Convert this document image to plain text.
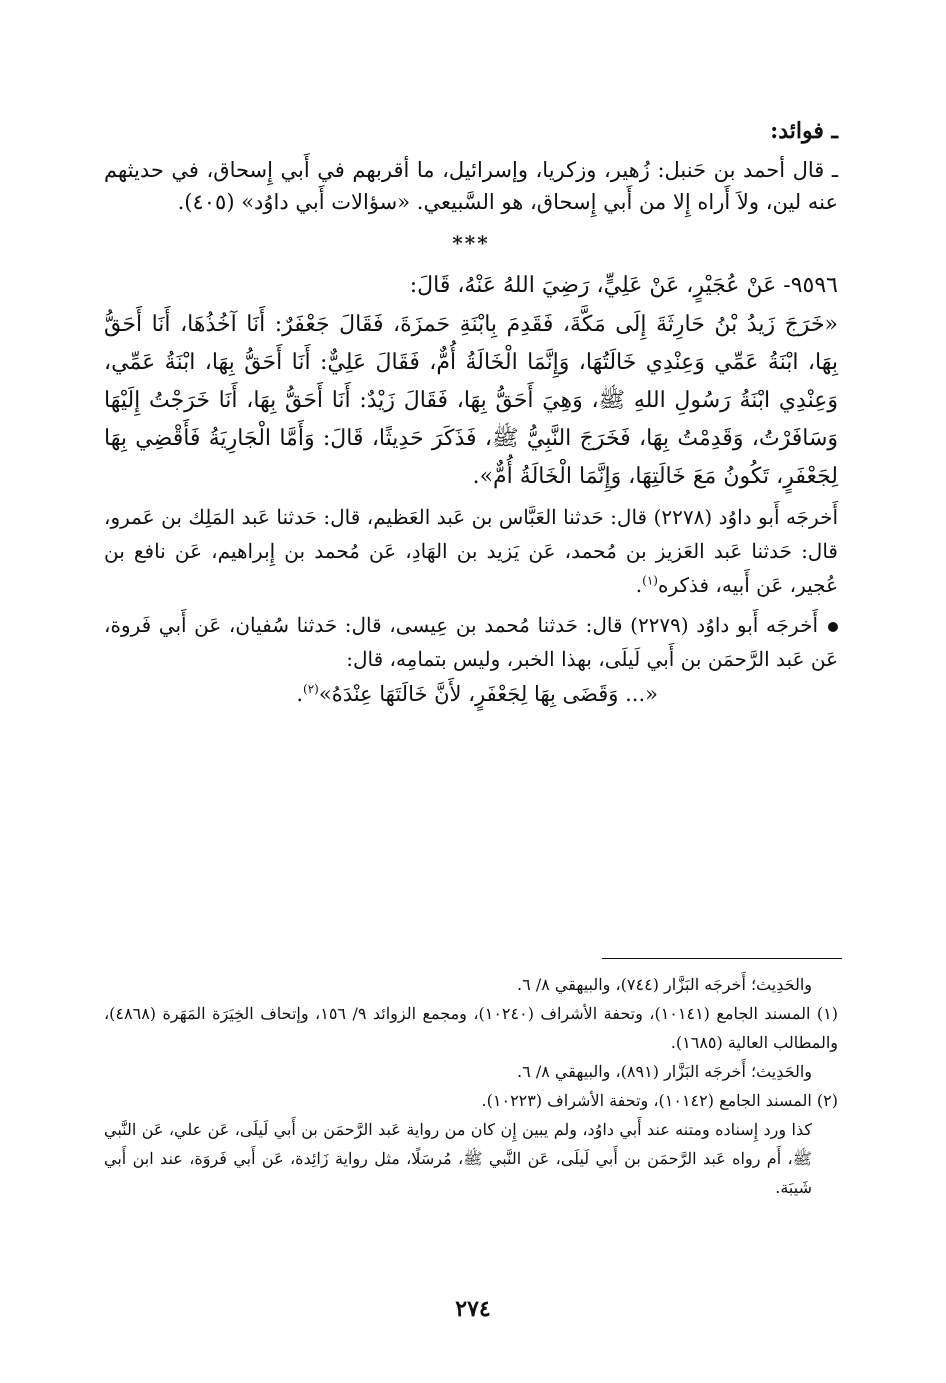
ـ فوائد:

ـ قال أحمد بن حَنبل: زُهير، وزكريا، وإسرائيل، ما أقربهم في أَبي إِسحاق، في حديثهم عنه لين، ولاَ أَراه إِلا من أَبي إِسحاق، هو السَّبيعي. «سؤالات أَبي داوُد» (٤٠٥).

***

٩٥٩٦- عَنْ عُجَيْرٍ، عَنْ عَلِيٍّ، رَضِيَ اللهُ عَنْهُ، قَالَ:

«خَرَجَ زَيدُ بْنُ حَارِثَةَ إِلَى مَكَّةَ، فَقَدِمَ بِابْنَةِ حَمزَةَ، فَقَالَ جَعْفَرٌ: أَنَا آخُذُهَا، أَنَا أَحَقُّ بِهَا، ابْنَةُ عَمِّي وَعِنْدِي خَالَتُهَا، وَإِنَّمَا الْخَالَةُ أُمٌّ، فَقَالَ عَلِيٌّ: أَنَا أَحَقُّ بِهَا، ابْنَةُ عَمِّي، وَعِنْدِي ابْنَةُ رَسُولِ اللهِ ﷺ، وَهِيَ أَحَقُّ بِهَا، فَقَالَ زَيْدٌ: أَنَا أَحَقُّ بِهَا، أَنَا خَرَجْتُ إِلَيْهَا وَسَافَرْتُ، وَقَدِمْتُ بِهَا، فَخَرَجَ النَّبِيُّ ﷺ، فَذَكَرَ حَدِيثًا، قَالَ: وَأَمَّا الْجَارِيَةُ فَأَقْضِي بِهَا لِجَعْفَرٍ، تَكُونُ مَعَ خَالَتِهَا، وَإِنَّمَا الْخَالَةُ أُمٌّ».

أَخرجَه أَبو داوُد (٢٢٧٨) قال: حَدثنا العَبَّاس بن عَبد العَظيم، قال: حَدثنا عَبد المَلِك بن عَمرو، قال: حَدثنا عَبد العَزيز بن مُحمد، عَن يَزيد بن الهَادِ، عَن مُحمد بن إِبراهيم، عَن نافع بن عُجير، عَن أَبيه، فذكره$^{(١)}$.

أَخرجَه أَبو داوُد (٢٢٧٩) قال: حَدثنا مُحمد بن عِيسى، قال: حَدثنا سُفيان، عَن أَبي فَروة، عَن عَبد الرَّحمَن بن أَبي لَيلَى، بهذا الخبر، وليس بتمامِه، قال:

«... وَقَضَى بِهَا لِجَعْفَرٍ، لأَنَّ خَالَتَهَا عِنْدَهُ»$^{(٢)}$.

والحَدِيث؛ أَخرجَه البَزَّار (٧٤٤)، والبيهقي ٨/ ٦.

(١) المسند الجامع (١٠١٤١)، وتحفة الأشراف (١٠٢٤٠)، ومجمع الزوائد ٩/ ١٥٦، وإتحاف الخِيَرَة المَهَرة (٤٨٦٨)، والمطالب العالية (١٦٨٥).

والحَدِيث؛ أَخرجَه البَزَّار (٨٩١)، والبيهقي ٨/ ٦.

(٢) المسند الجامع (١٠١٤٢)، وتحفة الأشراف (١٠٢٢٣).

كذا ورد إِسناده ومتنه عند أَبي داوُد، ولم يبين إِن كان من رواية عَبد الرَّحمَن بن أَبي لَيلَى، عَن علي، عَن النَّبي ﷺ، أَم رواه عَبد الرَّحمَن بن أَبي لَيلَى، عَن النَّبي ﷺ، مُرسَلًا، مثل رواية زَائِدة، عَن أَبي فَروَة، عند ابن أَبي شَيبَة.

٢٧٤
